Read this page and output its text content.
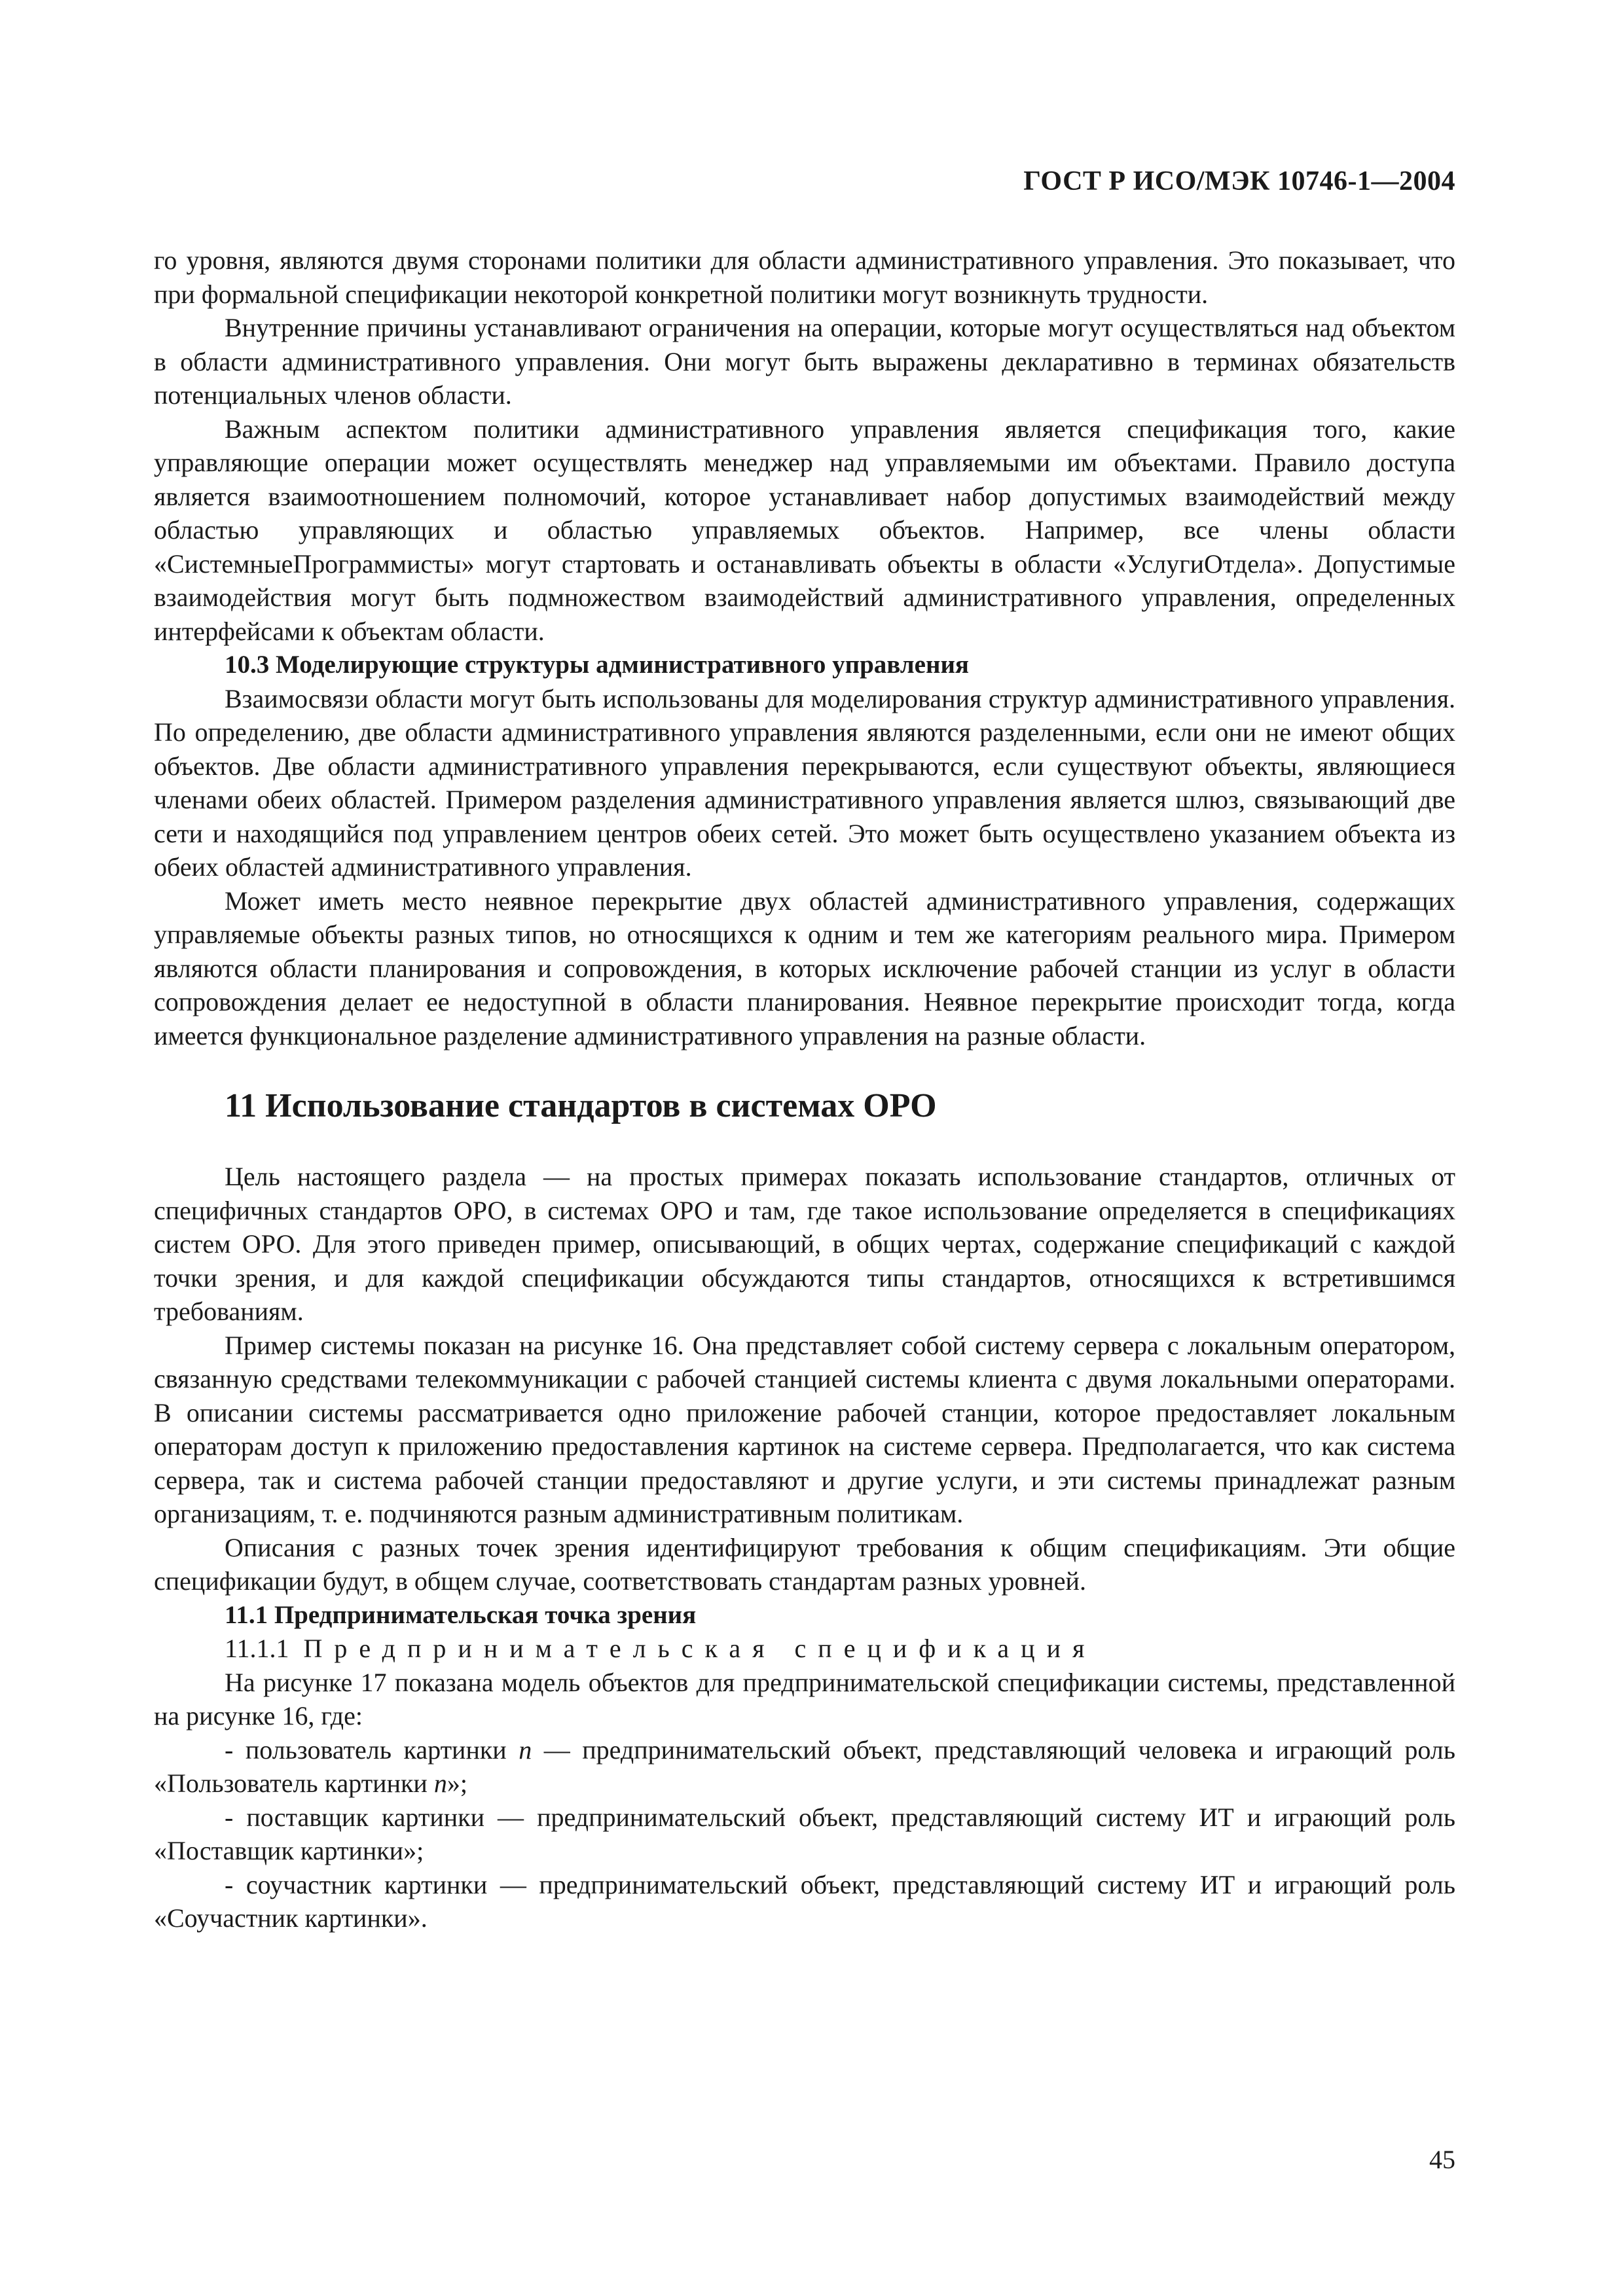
ГОСТ Р ИСО/МЭК 10746-1—2004

го уровня, являются двумя сторонами политики для области административного управления. Это показывает, что при формальной спецификации некоторой конкретной политики могут возникнуть трудности.

Внутренние причины устанавливают ограничения на операции, которые могут осуществляться над объектом в области административного управления. Они могут быть выражены декларативно в терминах обязательств потенциальных членов области.

Важным аспектом политики административного управления является спецификация того, какие управляющие операции может осуществлять менеджер над управляемыми им объектами. Правило доступа является взаимоотношением полномочий, которое устанавливает набор допустимых взаимодействий между областью управляющих и областью управляемых объектов. Например, все члены области «СистемныеПрограммисты» могут стартовать и останавливать объекты в области «УслугиОтдела». Допустимые взаимодействия могут быть подмножеством взаимодействий административного управления, определенных интерфейсами к объектам области.

10.3 Моделирующие структуры административного управления

Взаимосвязи области могут быть использованы для моделирования структур административного управления. По определению, две области административного управления являются разделенными, если они не имеют общих объектов. Две области административного управления перекрываются, если существуют объекты, являющиеся членами обеих областей. Примером разделения административного управления является шлюз, связывающий две сети и находящийся под управлением центров обеих сетей. Это может быть осуществлено указанием объекта из обеих областей административного управления.

Может иметь место неявное перекрытие двух областей административного управления, содержащих управляемые объекты разных типов, но относящихся к одним и тем же категориям реального мира. Примером являются области планирования и сопровождения, в которых исключение рабочей станции из услуг в области сопровождения делает ее недоступной в области планирования. Неявное перекрытие происходит тогда, когда имеется функциональное разделение административного управления на разные области.

11 Использование стандартов в системах ОРО

Цель настоящего раздела — на простых примерах показать использование стандартов, отличных от специфичных стандартов ОРО, в системах ОРО и там, где такое использование определяется в спецификациях систем ОРО. Для этого приведен пример, описывающий, в общих чертах, содержание спецификаций с каждой точки зрения, и для каждой спецификации обсуждаются типы стандартов, относящихся к встретившимся требованиям.

Пример системы показан на рисунке 16. Она представляет собой систему сервера с локальным оператором, связанную средствами телекоммуникации с рабочей станцией системы клиента с двумя локальными операторами. В описании системы рассматривается одно приложение рабочей станции, которое предоставляет локальным операторам доступ к приложению предоставления картинок на системе сервера. Предполагается, что как система сервера, так и система рабочей станции предоставляют и другие услуги, и эти системы принадлежат разным организациям, т. е. подчиняются разным административным политикам.

Описания с разных точек зрения идентифицируют требования к общим спецификациям. Эти общие спецификации будут, в общем случае, соответствовать стандартам разных уровней.

11.1 Предпринимательская точка зрения
11.1.1 Предпринимательская спецификация

На рисунке 17 показана модель объектов для предпринимательской спецификации системы, представленной на рисунке 16, где:

- пользователь картинки n — предпринимательский объект, представляющий человека и играющий роль «Пользователь картинки n»;

- поставщик картинки — предпринимательский объект, представляющий систему ИТ и играющий роль «Поставщик картинки»;

- соучастник картинки — предпринимательский объект, представляющий систему ИТ и играющий роль «Соучастник картинки».

45
